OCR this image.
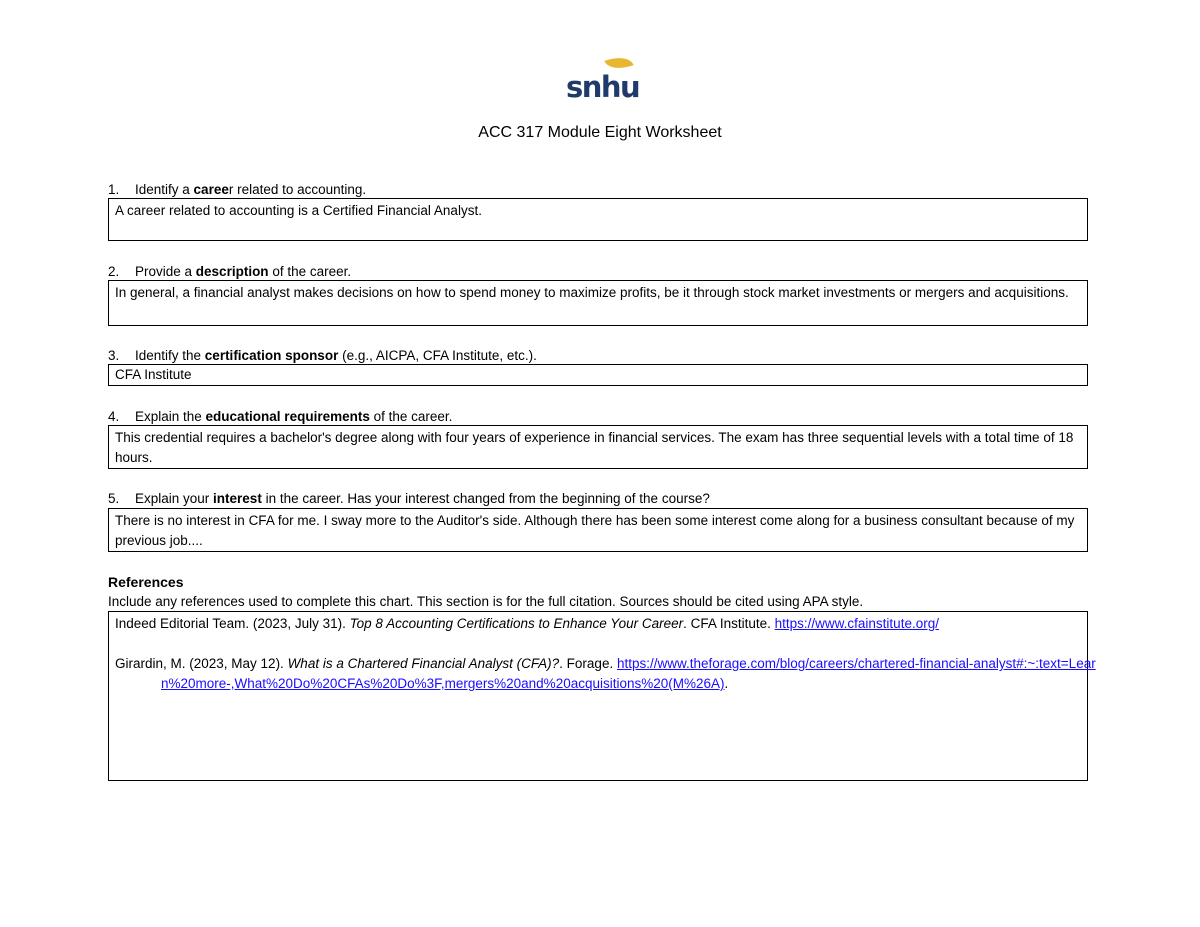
snhu
ACC 317 Module Eight Worksheet
1. Identify a career related to accounting.
A career related to accounting is a Certified Financial Analyst.
2. Provide a description of the career.
In general, a financial analyst makes decisions on how to spend money to maximize profits, be it through stock market investments or mergers and acquisitions.
3. Identify the certification sponsor (e.g., AICPA, CFA Institute, etc.).
CFA Institute
4. Explain the educational requirements of the career.
This credential requires a bachelor's degree along with four years of experience in financial services. The exam has three sequential levels with a total time of 18 hours.
5. Explain your interest in the career. Has your interest changed from the beginning of the course?
There is no interest in CFA for me. I sway more to the Auditor's side. Although there has been some interest come along for a business consultant because of my previous job....
References
Include any references used to complete this chart. This section is for the full citation. Sources should be cited using APA style.

Indeed Editorial Team. (2023, July 31). Top 8 Accounting Certifications to Enhance Your Career. CFA Institute. https://www.cfainstitute.org/

Girardin, M. (2023, May 12). What is a Chartered Financial Analyst (CFA)?. Forage. https://www.theforage.com/blog/careers/chartered-financial-analyst#:~:text=Learn%20more-,What%20Do%20CFAs%20Do%3F,mergers%20and%20acquisitions%20(M%26A).
